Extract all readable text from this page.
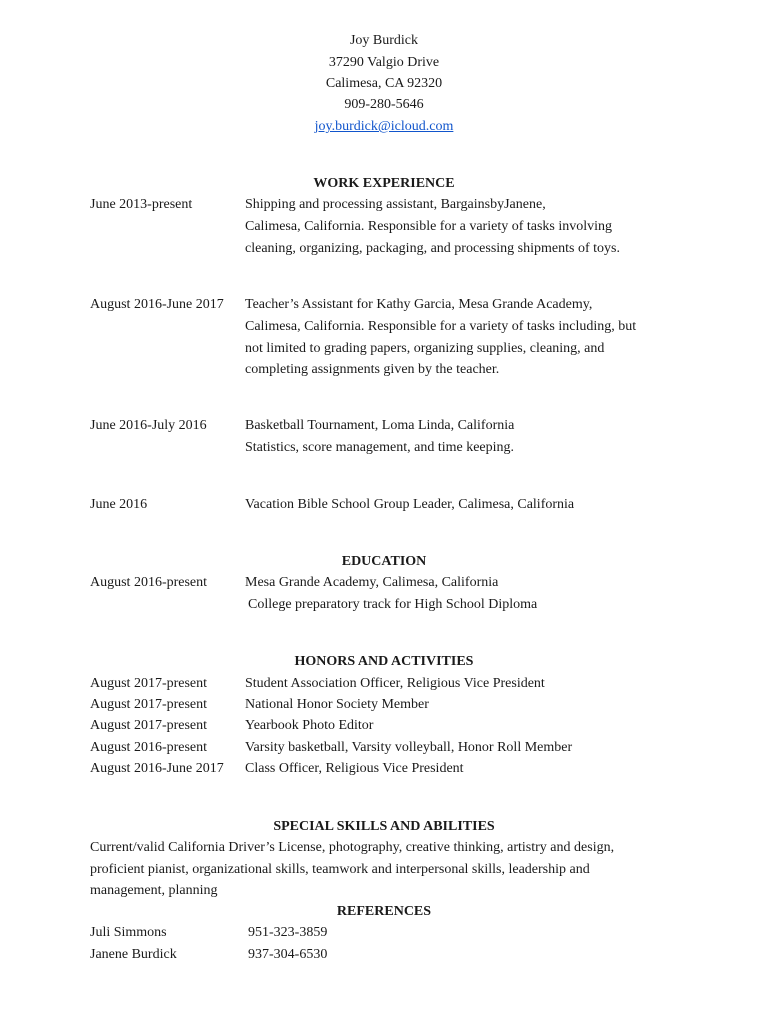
Joy Burdick
37290 Valgio Drive
Calimesa, CA 92320
909-280-5646
joy.burdick@icloud.com
WORK EXPERIENCE
June 2013-present	Shipping and processing assistant, BargainsbyJanene,
Calimesa, California. Responsible for a variety of tasks involving
cleaning, organizing, packaging, and processing shipments of toys.
August 2016-June 2017 Teacher’s Assistant for Kathy Garcia, Mesa Grande Academy,
Calimesa, California. Responsible for a variety of tasks including, but
not limited to grading papers, organizing supplies, cleaning, and
completing assignments given by the teacher.
June 2016-July 2016	Basketball Tournament, Loma Linda, California
Statistics, score management, and time keeping.
June 2016	Vacation Bible School Group Leader, Calimesa, California
EDUCATION
August 2016-present	Mesa Grande Academy, Calimesa, California
College preparatory track for High School Diploma
HONORS AND ACTIVITIES
August 2017-present	Student Association Officer, Religious Vice President
August 2017-present	National Honor Society Member
August 2017-present	Yearbook Photo Editor
August 2016-present	Varsity basketball, Varsity volleyball, Honor Roll Member
August 2016-June 2017 Class Officer, Religious Vice President
SPECIAL SKILLS AND ABILITIES
Current/valid California Driver’s License, photography, creative thinking, artistry and design,
proficient pianist, organizational skills, teamwork and interpersonal skills, leadership and
management, planning
REFERENCES
Juli Simmons	951-323-3859
Janene Burdick	937-304-6530
